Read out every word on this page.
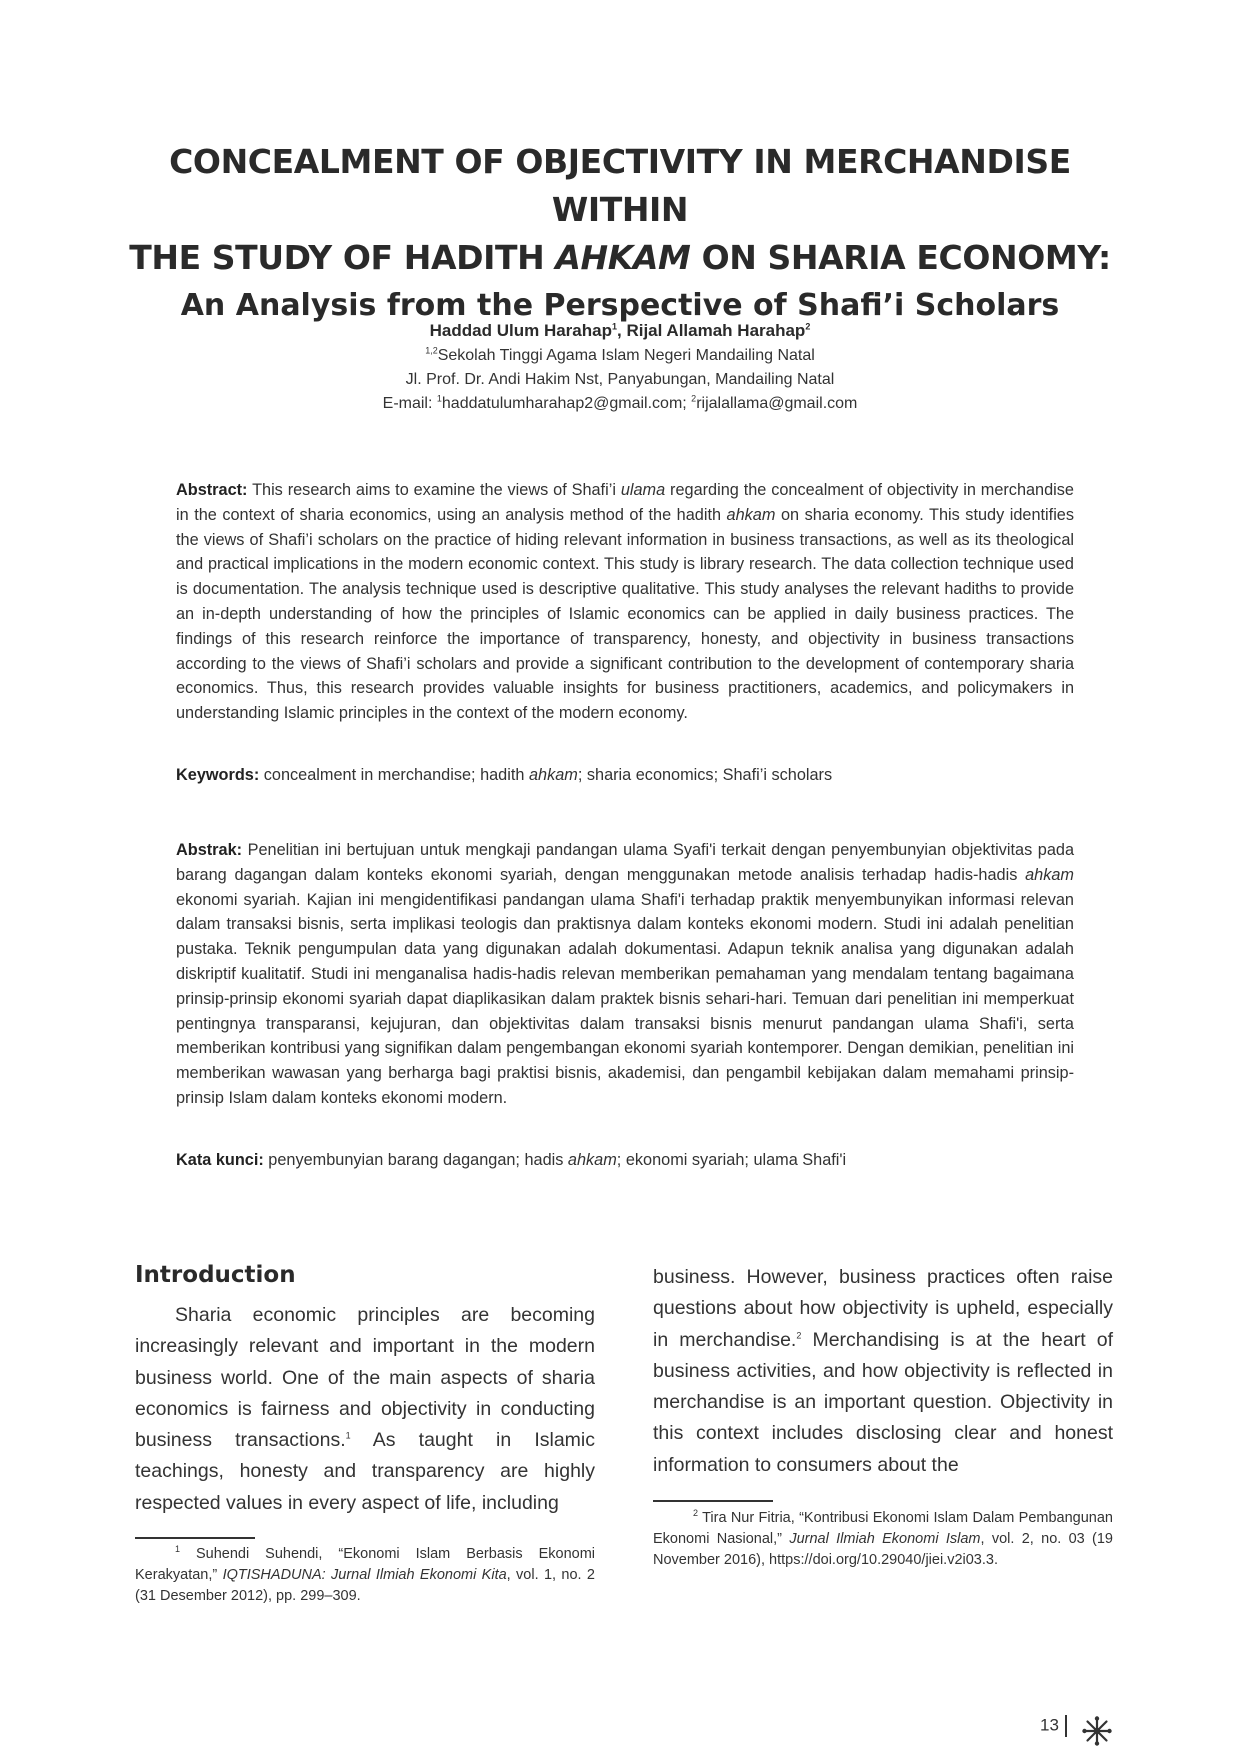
CONCEALMENT OF OBJECTIVITY IN MERCHANDISE WITHIN
THE STUDY OF HADITH AHKAM ON SHARIA ECONOMY:
An Analysis from the Perspective of Shafi’i Scholars
Haddad Ulum Harahap$^1$, Rijal Allamah Harahap$^2$
$^{1,2}$Sekolah Tinggi Agama Islam Negeri Mandailing Natal
Jl. Prof. Dr. Andi Hakim Nst, Panyabungan, Mandailing Natal
E-mail: $^1$haddatulumharahap2@gmail.com; $^2$rijalallama@gmail.com
Abstract: This research aims to examine the views of Shafi’i ulama regarding the concealment of objectivity in merchandise in the context of sharia economics, using an analysis method of the hadith ahkam on sharia economy. This study identifies the views of Shafi’i scholars on the practice of hiding relevant information in business transactions, as well as its theological and practical implications in the modern economic context. This study is library research. The data collection technique used is documentation. The analysis technique used is descriptive qualitative. This study analyses the relevant hadiths to provide an in-depth understanding of how the principles of Islamic economics can be applied in daily business practices. The findings of this research reinforce the importance of transparency, honesty, and objectivity in business transactions according to the views of Shafi’i scholars and provide a significant contribution to the development of contemporary sharia economics. Thus, this research provides valuable insights for business practitioners, academics, and policymakers in understanding Islamic principles in the context of the modern economy.
Keywords: concealment in merchandise; hadith ahkam; sharia economics; Shafi’i scholars
Abstrak: Penelitian ini bertujuan untuk mengkaji pandangan ulama Syafi'i terkait dengan penyembunyian objektivitas pada barang dagangan dalam konteks ekonomi syariah, dengan menggunakan metode analisis terhadap hadis-hadis ahkam ekonomi syariah. Kajian ini mengidentifikasi pandangan ulama Shafi'i terhadap praktik menyembunyikan informasi relevan dalam transaksi bisnis, serta implikasi teologis dan praktisnya dalam konteks ekonomi modern. Studi ini adalah penelitian pustaka. Teknik pengumpulan data yang digunakan adalah dokumentasi. Adapun teknik analisa yang digunakan adalah diskriptif kualitatif. Studi ini menganalisa hadis-hadis relevan memberikan pemahaman yang mendalam tentang bagaimana prinsip-prinsip ekonomi syariah dapat diaplikasikan dalam praktek bisnis sehari-hari. Temuan dari penelitian ini memperkuat pentingnya transparansi, kejujuran, dan objektivitas dalam transaksi bisnis menurut pandangan ulama Shafi'i, serta memberikan kontribusi yang signifikan dalam pengembangan ekonomi syariah kontemporer. Dengan demikian, penelitian ini memberikan wawasan yang berharga bagi praktisi bisnis, akademisi, dan pengambil kebijakan dalam memahami prinsip-prinsip Islam dalam konteks ekonomi modern.
Kata kunci: penyembunyian barang dagangan; hadis ahkam; ekonomi syariah; ulama Shafi'i
Introduction
Sharia economic principles are becoming increasingly relevant and important in the modern business world. One of the main aspects of sharia economics is fairness and objectivity in conducting business transactions.$^1$ As taught in Islamic teachings, honesty and transparency are highly respected values in every aspect of life, including
business. However, business practices often raise questions about how objectivity is upheld, especially in merchandise.$^2$ Merchandising is at the heart of business activities, and how objectivity is reflected in merchandise is an important question. Objectivity in this context includes disclosing clear and honest information to consumers about the
$^1$ Suhendi Suhendi, “Ekonomi Islam Berbasis Ekonomi Kerakyatan,” IQTISHADUNA: Jurnal Ilmiah Ekonomi Kita, vol. 1, no. 2 (31 Desember 2012), pp. 299–309.
$^2$ Tira Nur Fitria, “Kontribusi Ekonomi Islam Dalam Pembangunan Ekonomi Nasional,” Jurnal Ilmiah Ekonomi Islam, vol. 2, no. 03 (19 November 2016), https://doi.org/10.29040/jiei.v2i03.3.
13
